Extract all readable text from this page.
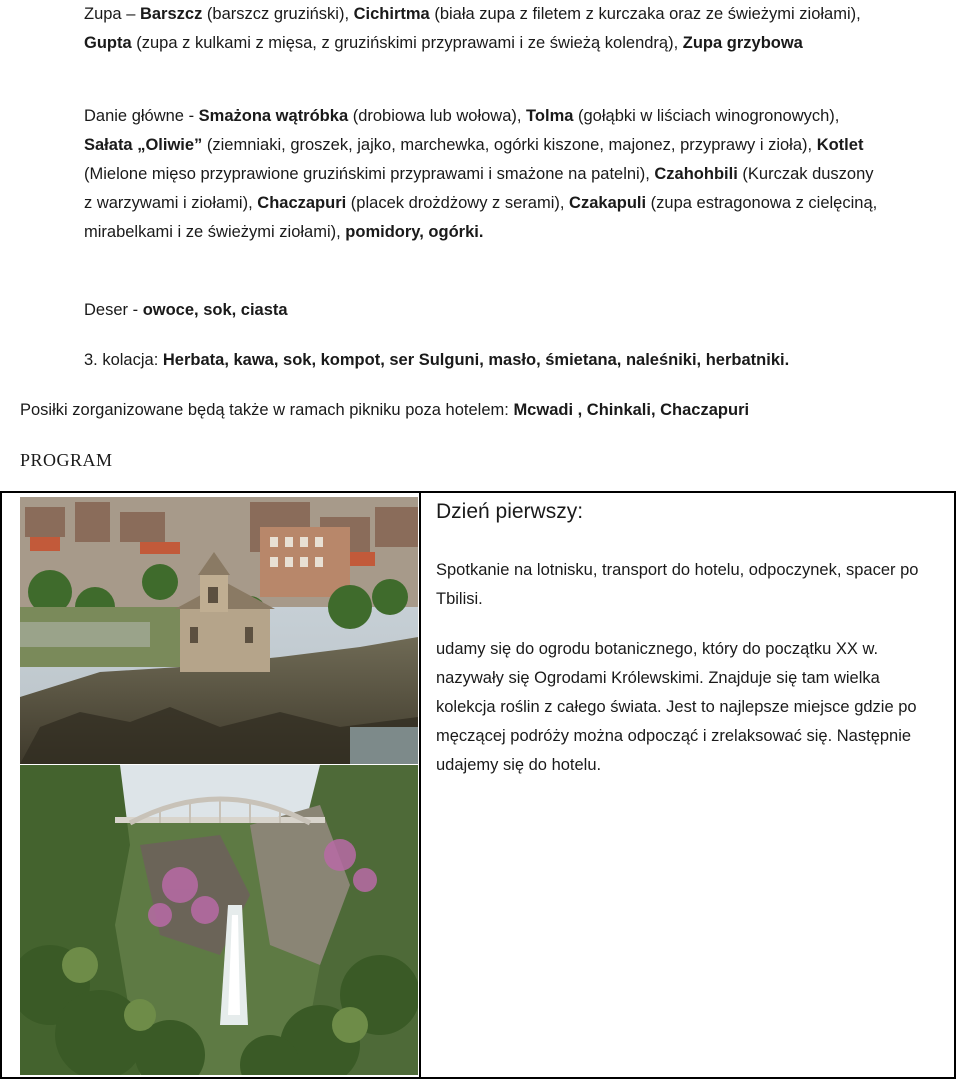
Zupa – Barszcz (barszcz gruziński), Cichirtma (biała zupa z filetem z kurczaka oraz ze świeżymi ziołami), Gupta (zupa z kulkami z mięsa, z gruzińskimi przyprawami i ze świeżą kolendrą), Zupa grzybowa

Danie główne - Smażona wątróbka (drobiowa lub wołowa), Tolma (gołąbki w liściach winogronowych), Sałata „Oliwie” (ziemniaki, groszek, jajko, marchewka, ogórki kiszone, majonez, przyprawy i zioła), Kotlet (Mielone mięso przyprawione gruzińskimi przyprawami i smażone na patelni), Czahohbili (Kurczak duszony z warzywami i ziołami), Chaczapuri (placek drożdżowy z serami), Czakapuli (zupa estragonowa z cielęciną, mirabelkami i ze świeżymi ziołami), pomidory, ogórki.

Deser - owoce, sok, ciasta

3. kolacja: Herbata, kawa, sok, kompot, ser Sulguni, masło, śmietana, naleśniki, herbatniki.

Posiłki zorganizowane będą także w ramach pikniku poza hotelem: Mcwadi , Chinkali, Chaczapuri

PROGRAM
Dzień pierwszy:

Spotkanie na lotnisku, transport do hotelu, odpoczynek, spacer po Tbilisi.

udamy się do ogrodu botanicznego, który do początku XX w. nazywały się Ogrodami Królewskimi. Znajduje się tam wielka kolekcja roślin z całego świata. Jest to najlepsze miejsce gdzie po męczącej podróży można odpocząć i zrelaksować się. Następnie udajemy się do hotelu.
